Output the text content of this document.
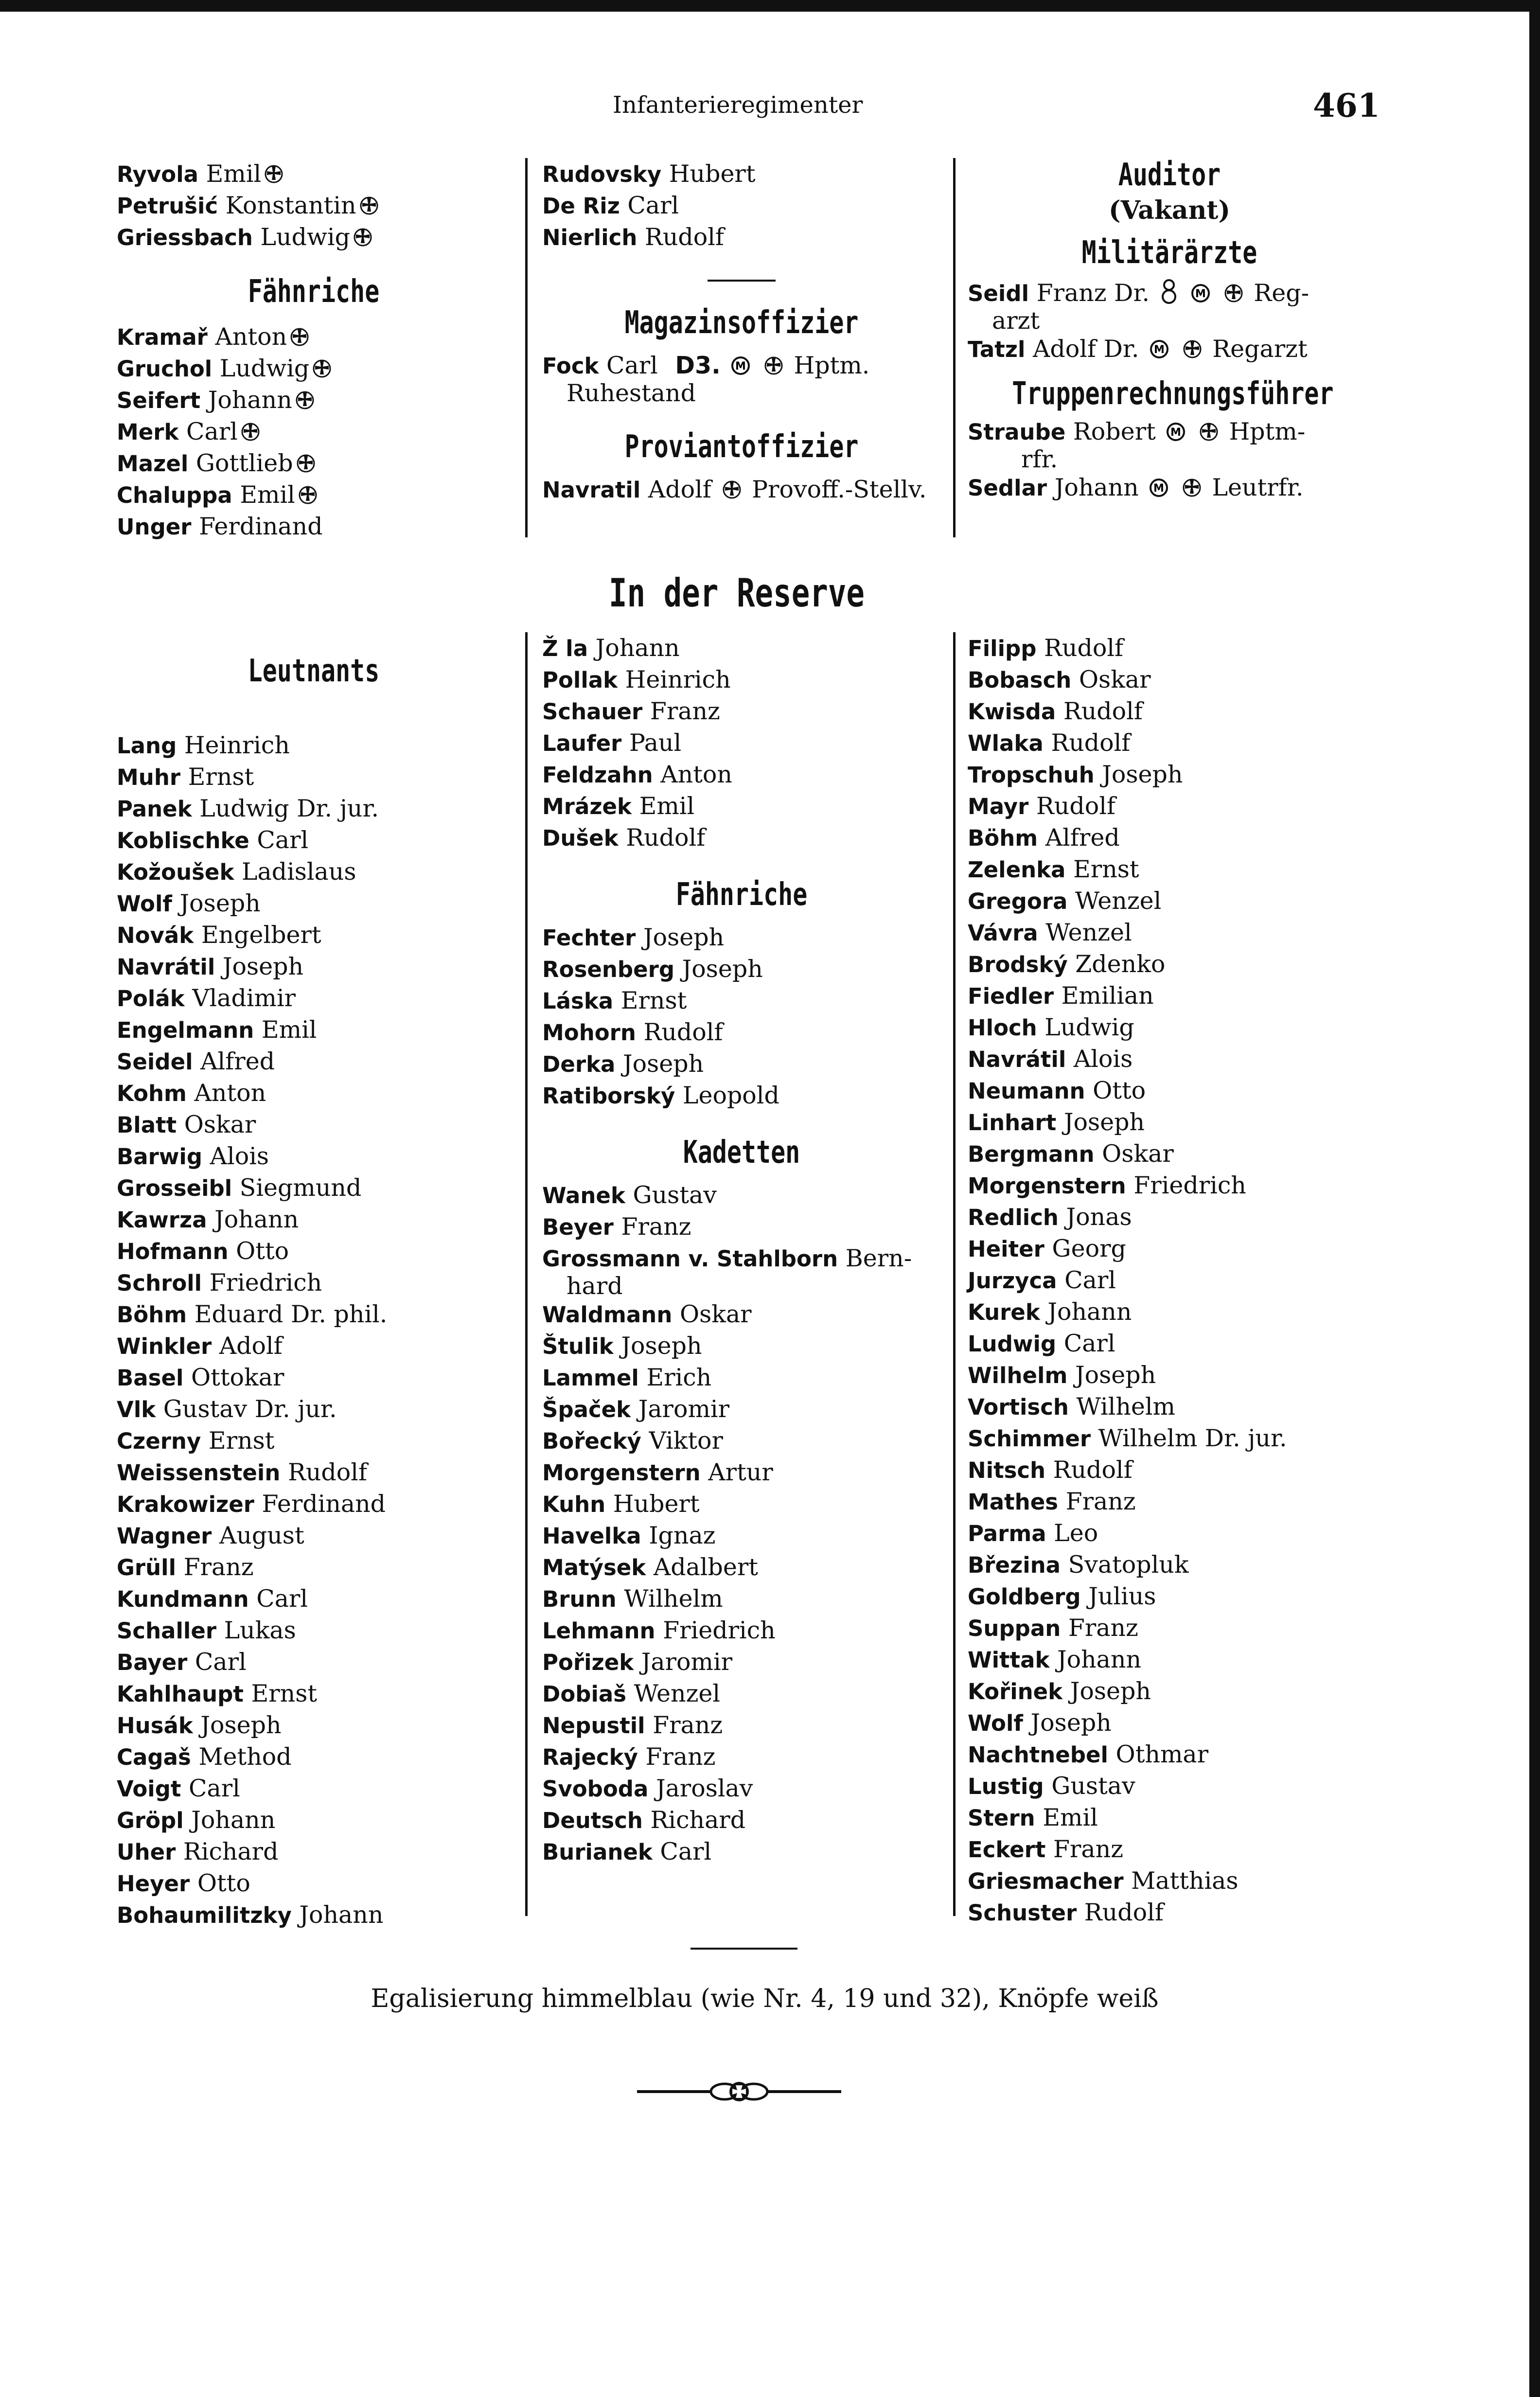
Infanterieregimenter	461
Ryvola Emil
Petrušić Konstantin
Griessbach Ludwig
Fähnriche
Kramař Anton
Gruchol Ludwig
Seifert Johann
Merk Carl
Mazel Gottlieb
Chaluppa Emil
Unger Ferdinand
Rudovsky Hubert
De Riz Carl
Nierlich Rudolf
Magazinsoffizier
Fock Carl D3. M Hptm.
Ruhestand
Proviantoffizier
Navratil Adolf Provoff.-Stellv.
Auditor
(Vakant)
Militärärzte
Seidl Franz Dr.	M Reg-
arzt
Tatzl Adolf Dr. M Regarzt
Truppenrechnungsführer
Straube Robert M Hptm-
rfr.
Sedlar Johann M Leutrfr.
In der Reserve
Leutnants
Lang Heinrich
Muhr Ernst
Panek Ludwig Dr. jur.
Koblischke Carl
Kožoušek Ladislaus
Wolf Joseph
Novák Engelbert
Navrátil Joseph
Polák Vladimir
Engelmann Emil
Seidel Alfred
Kohm Anton
Blatt Oskar
Barwig Alois
Grosseibl Siegmund
Kawrza Johann
Hofmann Otto
Schroll Friedrich
Böhm Eduard Dr. phil.
Winkler Adolf
Basel Ottokar
Vlk Gustav Dr. jur.
Czerny Ernst
Weissenstein Rudolf
Krakowizer Ferdinand
Wagner August
Grüll Franz
Kundmann Carl
Schaller Lukas
Bayer Carl
Kahlhaupt Ernst
Husák Joseph
Cagaš Method
Voigt Carl
Gröpl Johann
Uher Richard
Heyer Otto
Bohaumilitzky Johann
Ž la Johann
Pollak Heinrich
Schauer Franz
Laufer Paul
Feldzahn Anton
Mrázek Emil
Dušek Rudolf
Fähnriche
Fechter Joseph
Rosenberg Joseph
Láska Ernst
Mohorn Rudolf
Derka Joseph
Ratiborský Leopold
Kadetten
Wanek Gustav
Beyer Franz
Grossmann v. Stahlborn Bern-
hard
Waldmann Oskar
Štulik Joseph
Lammel Erich
Špaček Jaromir
Bořecký Viktor
Morgenstern Artur
Kuhn Hubert
Havelka Ignaz
Matýsek Adalbert
Brunn Wilhelm
Lehmann Friedrich
Pořizek Jaromir
Dobiaš Wenzel
Nepustil Franz
Rajecký Franz
Svoboda Jaroslav
Deutsch Richard
Burianek Carl
Filipp Rudolf
Bobasch Oskar
Kwisda Rudolf
Wlaka Rudolf
Tropschuh Joseph
Mayr Rudolf
Böhm Alfred
Zelenka Ernst
Gregora Wenzel
Vávra Wenzel
Brodský Zdenko
Fiedler Emilian
Hloch Ludwig
Navrátil Alois
Neumann Otto
Linhart Joseph
Bergmann Oskar
Morgenstern Friedrich
Redlich Jonas
Heiter Georg
Jurzyca Carl
Kurek Johann
Ludwig Carl
Wilhelm Joseph
Vortisch Wilhelm
Schimmer Wilhelm Dr. jur.
Nitsch Rudolf
Mathes Franz
Parma Leo
Březina Svatopluk
Goldberg Julius
Suppan Franz
Wittak Johann
Kořinek Joseph
Wolf Joseph
Nachtnebel Othmar
Lustig Gustav
Stern Emil
Eckert Franz
Griesmacher Matthias
Schuster Rudolf
Egalisierung himmelblau (wie Nr. 4, 19 und 32), Knöpfe weiß
